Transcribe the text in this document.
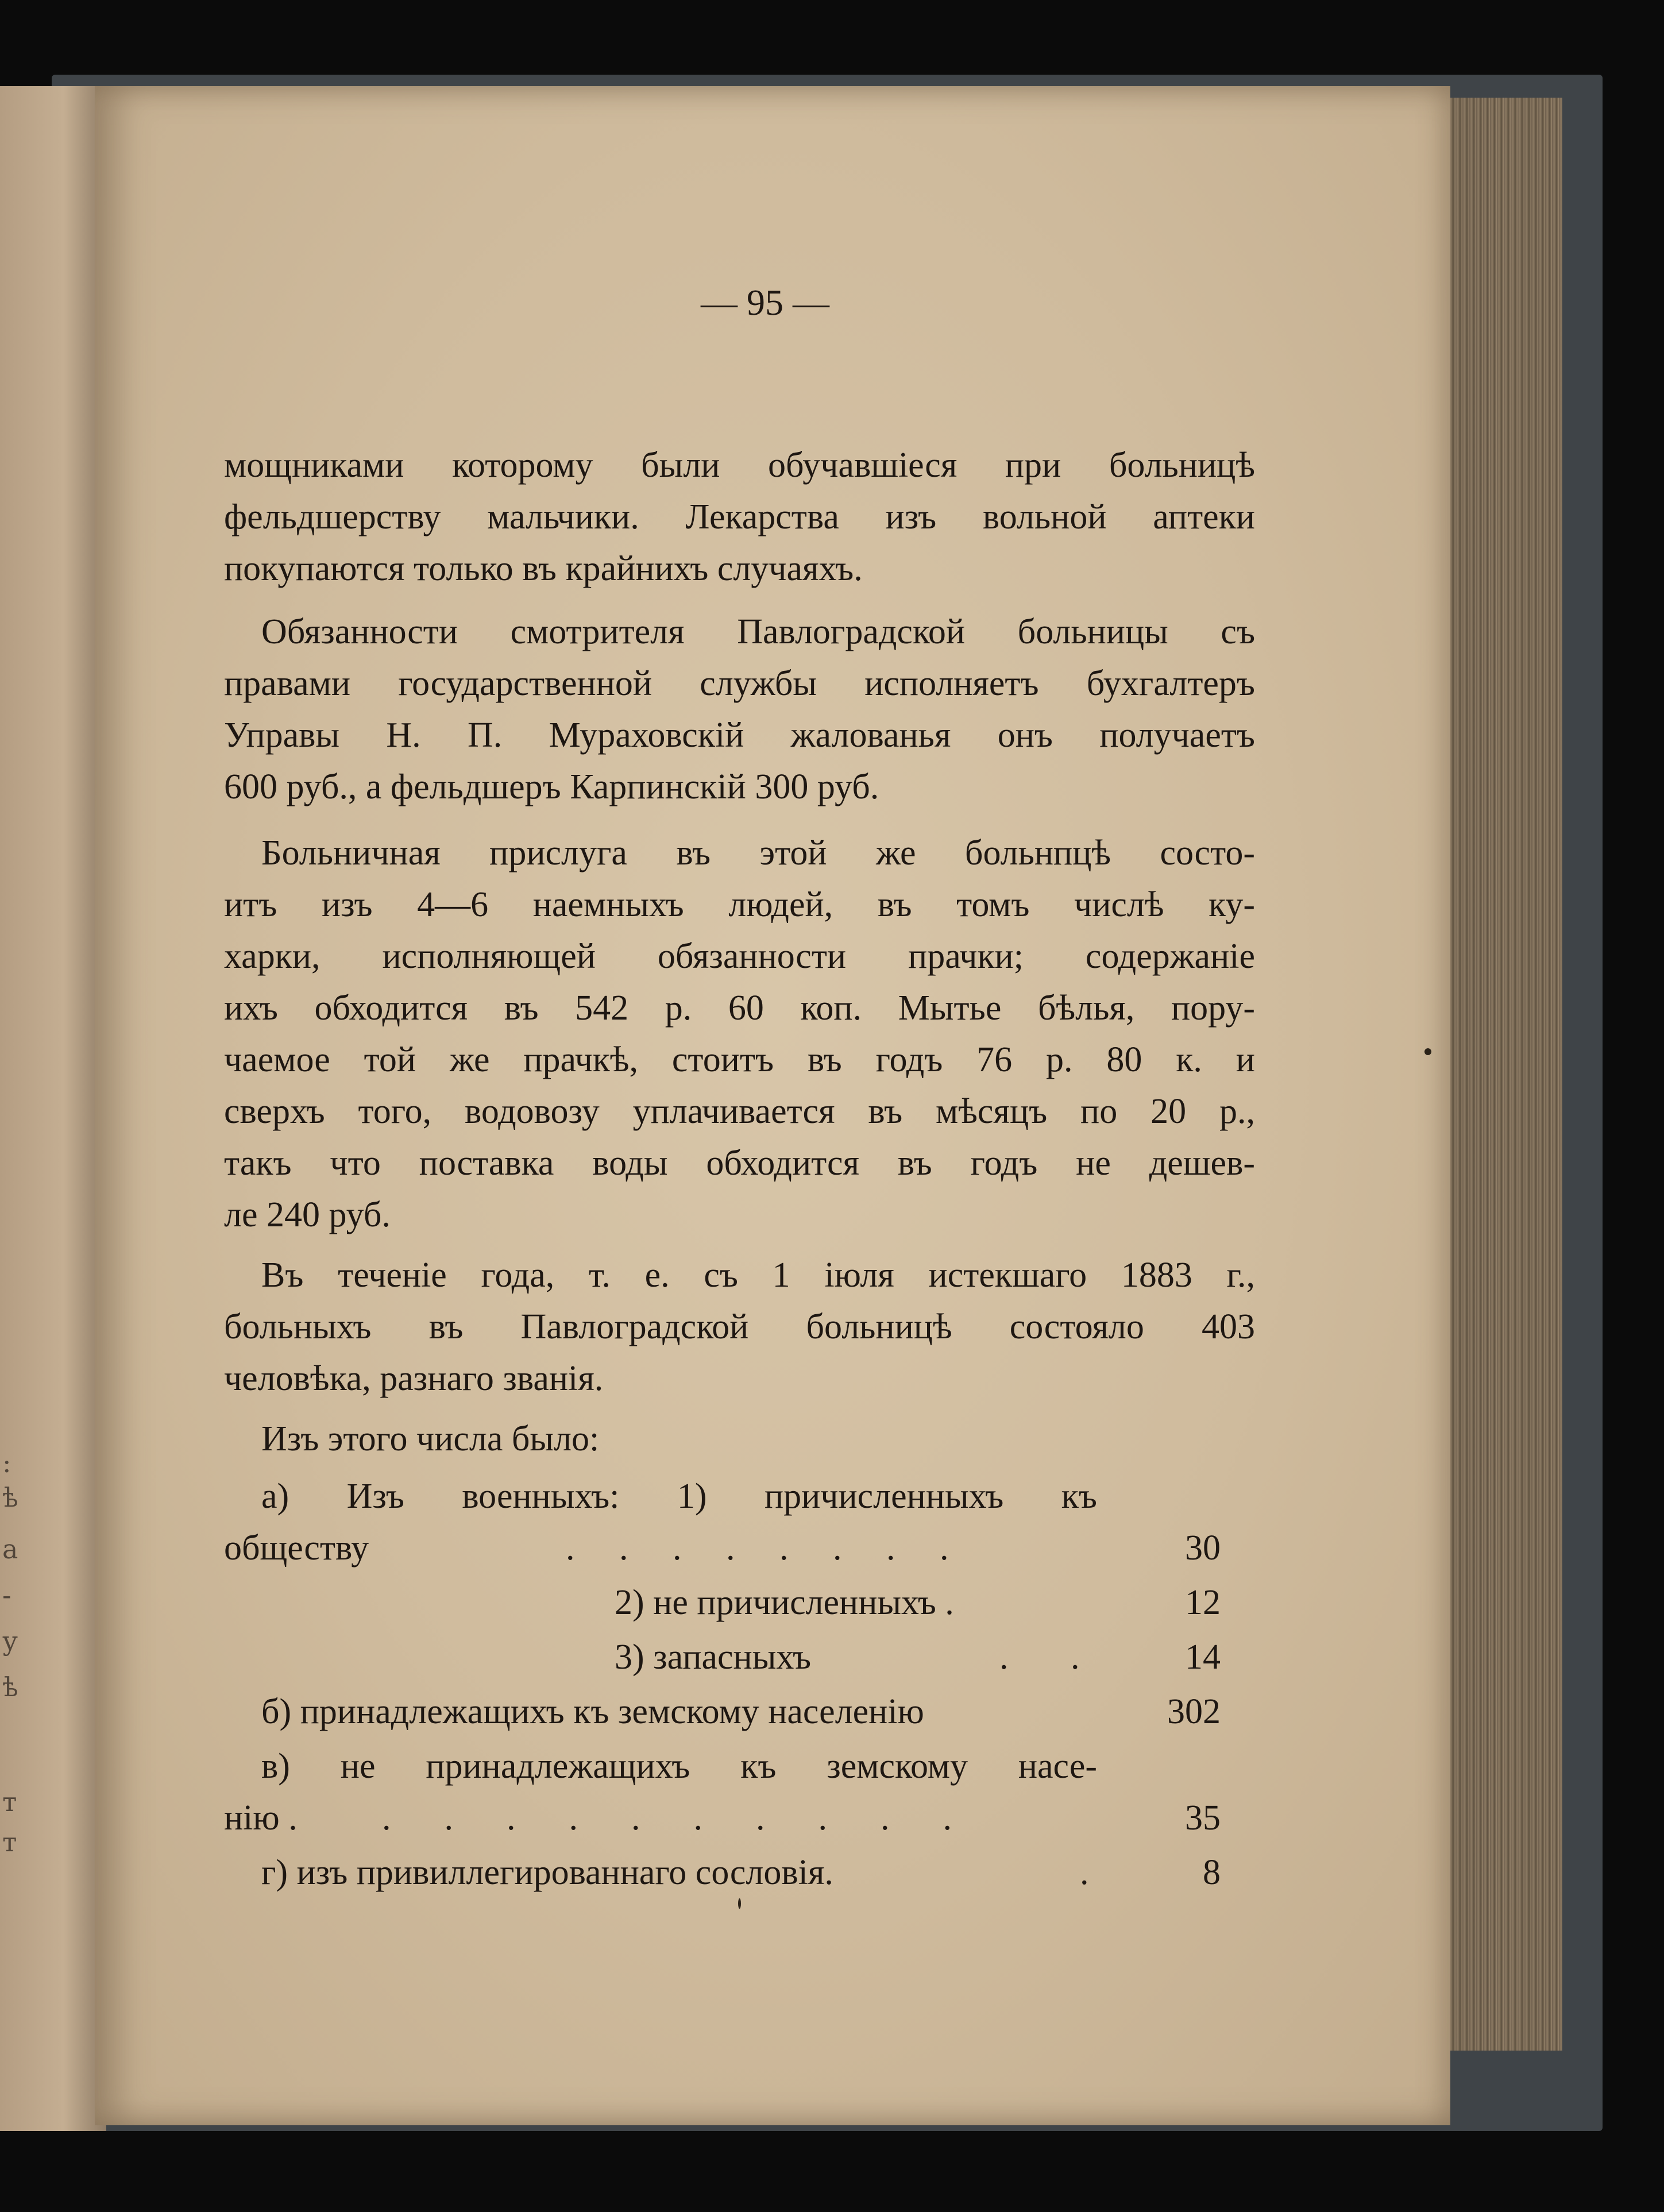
:
ѣ
а
-
у
ѣ
т
т
— 95 —
мощниками которому были обучавшіеся при больницѣ
фельдшерству мальчики. Лекарства изъ вольной аптеки
покупаются только въ крайнихъ случаяхъ.
Обязанности смотрителя Павлоградской больницы съ
правами государственной службы исполняетъ бухгалтеръ
Управы Н. П. Мураховскій жалованья онъ получаетъ
600 руб., а фельдшеръ Карпинскій 300 руб.
Больничная прислуга въ этой же больнпцѣ состо-
итъ изъ 4—6 наемныхъ людей, въ томъ числѣ ку-
харки, исполняющей обязанности прачки; содержаніе
ихъ обходится въ 542 р. 60 коп. Мытье бѣлья, пору-
чаемое той же прачкѣ, стоитъ въ годъ 76 р. 80 к. и
сверхъ того, водовозу уплачивается въ мѣсяцъ по 20 р.,
такъ что поставка воды обходится въ годъ не дешев-
ле 240 руб.
Въ теченіе года, т. е. съ 1 іюля истекшаго 1883 г.,
больныхъ въ Павлоградской больницѣ состояло 403
человѣка, разнаго званія.
Изъ этого числа было:
а) Изъ военныхъ: 1) причисленныхъ къ
обществу	.     .     .     .     .     .     .     .	30
2) не причисленныхъ .	12
3) запасныхъ	.       .	14
б) принадлежащихъ къ земскому населенію	302
в) не принадлежащихъ къ земскому насе-
нію . .      .      .      .      .      .      .      .      .      .	35
г) изъ привиллегированнаго сословія.	.	8
